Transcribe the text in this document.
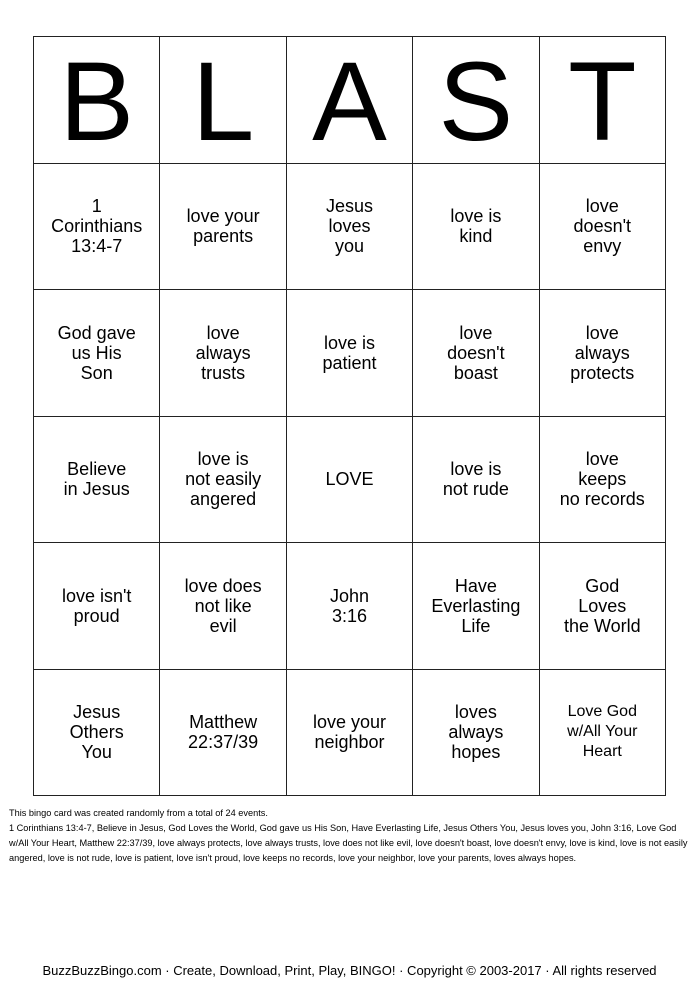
B L A S T
1
Corinthians
13:4-7
love your
parents
Jesus
loves
you
love is
kind
love
doesn't
envy
God gave
us His
Son
love
always
trusts
love is
patient
love
doesn't
boast
love
always
protects
Believe
in Jesus
love is
not easily
angered
LOVE	love is
not rude
love
keeps
no records
love isn't
proud
love does
not like
evil
John
3:16
Have
Everlasting
Life
God
Loves
the World
Jesus
Others
You
Matthew
22:37/39
love your
neighbor
loves
always
hopes
Love God
w/All Your
Heart

This bingo card was created randomly from a total of 24 events.

1 Corinthians 13:4-7, Believe in Jesus, God Loves the World, God gave us His Son, Have Everlasting Life, Jesus Others You, Jesus loves you, John 3:16, Love God w/All Your Heart, Matthew 22:37/39, love always protects, love always trusts, love does not like evil, love doesn't boast, love doesn't envy, love is kind, love is not easily angered, love is not rude, love is patient, love isn't proud, love keeps no records, love your neighbor, love your parents, loves always hopes.

BuzzBuzzBingo.com · Create, Download, Print, Play, BINGO! · Copyright © 2003-2017 · All rights reserved
